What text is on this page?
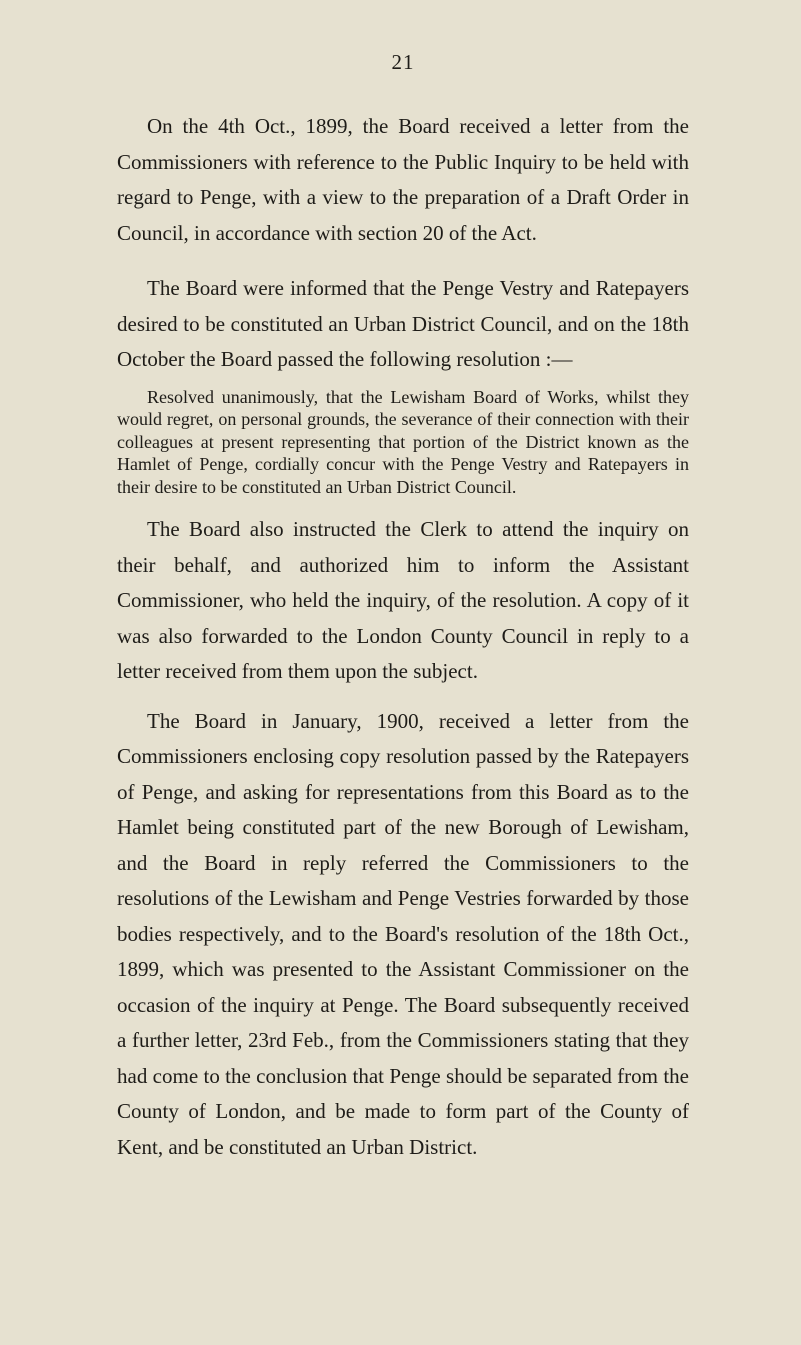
21

On the 4th Oct., 1899, the Board received a letter from the Commissioners with reference to the Public Inquiry to be held with regard to Penge, with a view to the preparation of a Draft Order in Council, in accordance with section 20 of the Act.

The Board were informed that the Penge Vestry and Ratepayers desired to be constituted an Urban District Council, and on the 18th October the Board passed the following resolution :—

Resolved unanimously, that the Lewisham Board of Works, whilst they would regret, on personal grounds, the severance of their connection with their colleagues at present representing that portion of the District known as the Hamlet of Penge, cordially concur with the Penge Vestry and Ratepayers in their desire to be constituted an Urban District Council.

The Board also instructed the Clerk to attend the inquiry on their behalf, and authorized him to inform the Assistant Commissioner, who held the inquiry, of the resolution. A copy of it was also forwarded to the London County Council in reply to a letter received from them upon the subject.

The Board in January, 1900, received a letter from the Commissioners enclosing copy resolution passed by the Ratepayers of Penge, and asking for representations from this Board as to the Hamlet being constituted part of the new Borough of Lewisham, and the Board in reply referred the Commissioners to the resolutions of the Lewisham and Penge Vestries forwarded by those bodies respectively, and to the Board's resolution of the 18th Oct., 1899, which was presented to the Assistant Commissioner on the occasion of the inquiry at Penge. The Board subsequently received a further letter, 23rd Feb., from the Commissioners stating that they had come to the conclusion that Penge should be separated from the County of London, and be made to form part of the County of Kent, and be constituted an Urban District.
